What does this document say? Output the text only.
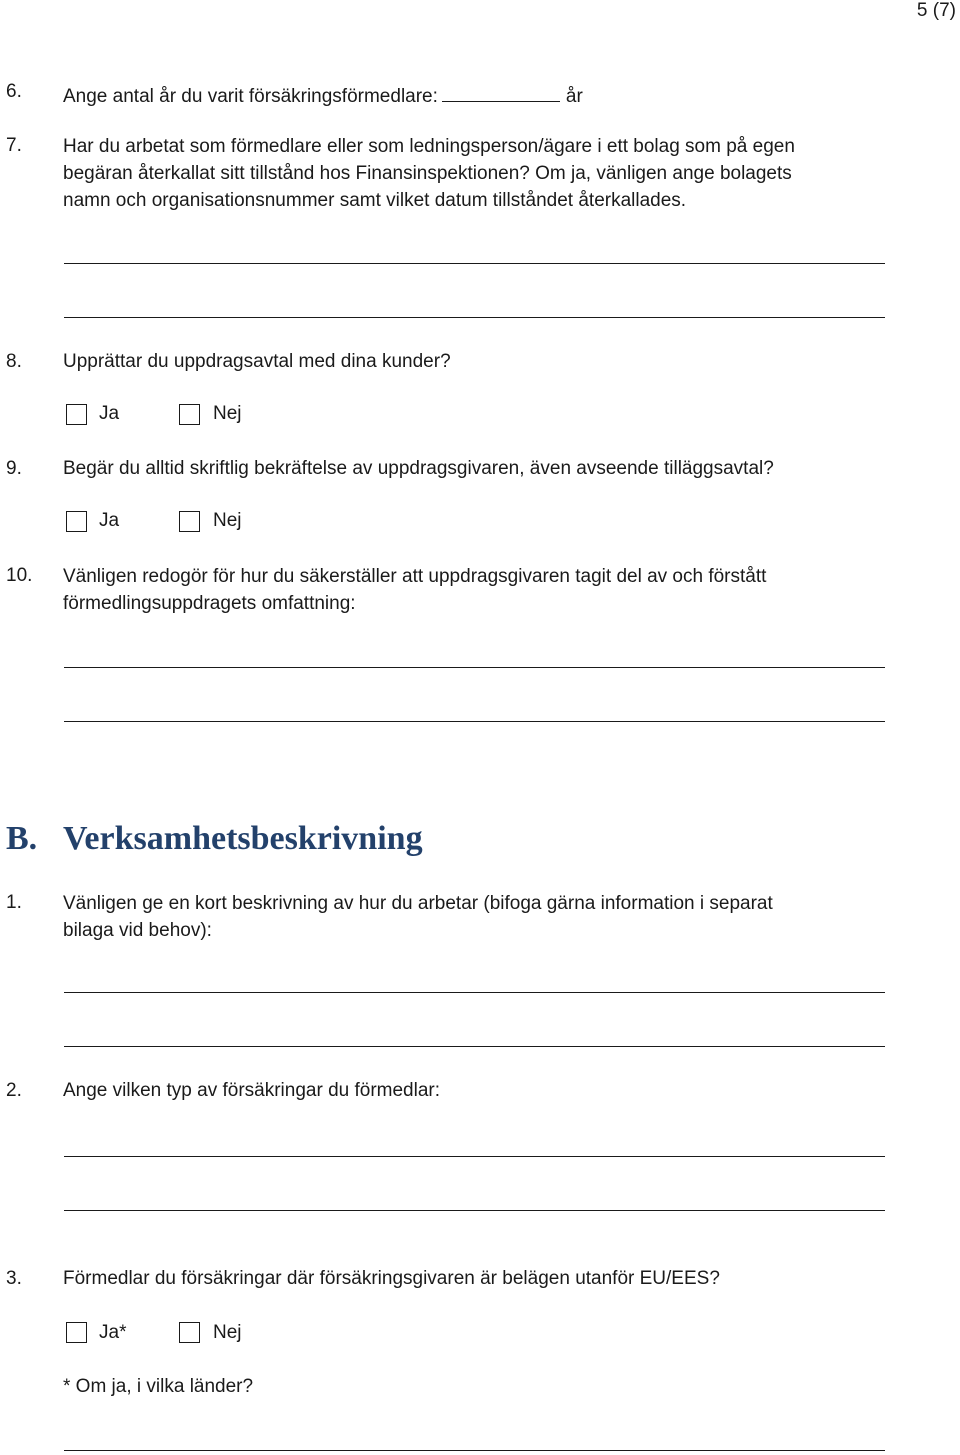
5 (7)
6. Ange antal år du varit försäkringsförmedlare:	år
7. Har du arbetat som förmedlare eller som ledningsperson/ägare i ett bolag som på egen
begäran återkallat sitt tillstånd hos Finansinspektionen? Om ja, vänligen ange bolagets
namn och organisationsnummer samt vilket datum tillståndet återkallades.
8. Upprättar du uppdragsavtal med dina kunder?
Ja	Nej
9. Begär du alltid skriftlig bekräftelse av uppdragsgivaren, även avseende tilläggsavtal?
Ja	Nej
10. Vänligen redogör för hur du säkerställer att uppdragsgivaren tagit del av och förstått
förmedlingsuppdragets omfattning:
B. Verksamhetsbeskrivning
1. Vänligen ge en kort beskrivning av hur du arbetar (bifoga gärna information i separat
bilaga vid behov):
2. Ange vilken typ av försäkringar du förmedlar:
3. Förmedlar du försäkringar där försäkringsgivaren är belägen utanför EU/EES?
Ja*	Nej
* Om ja, i vilka länder?
